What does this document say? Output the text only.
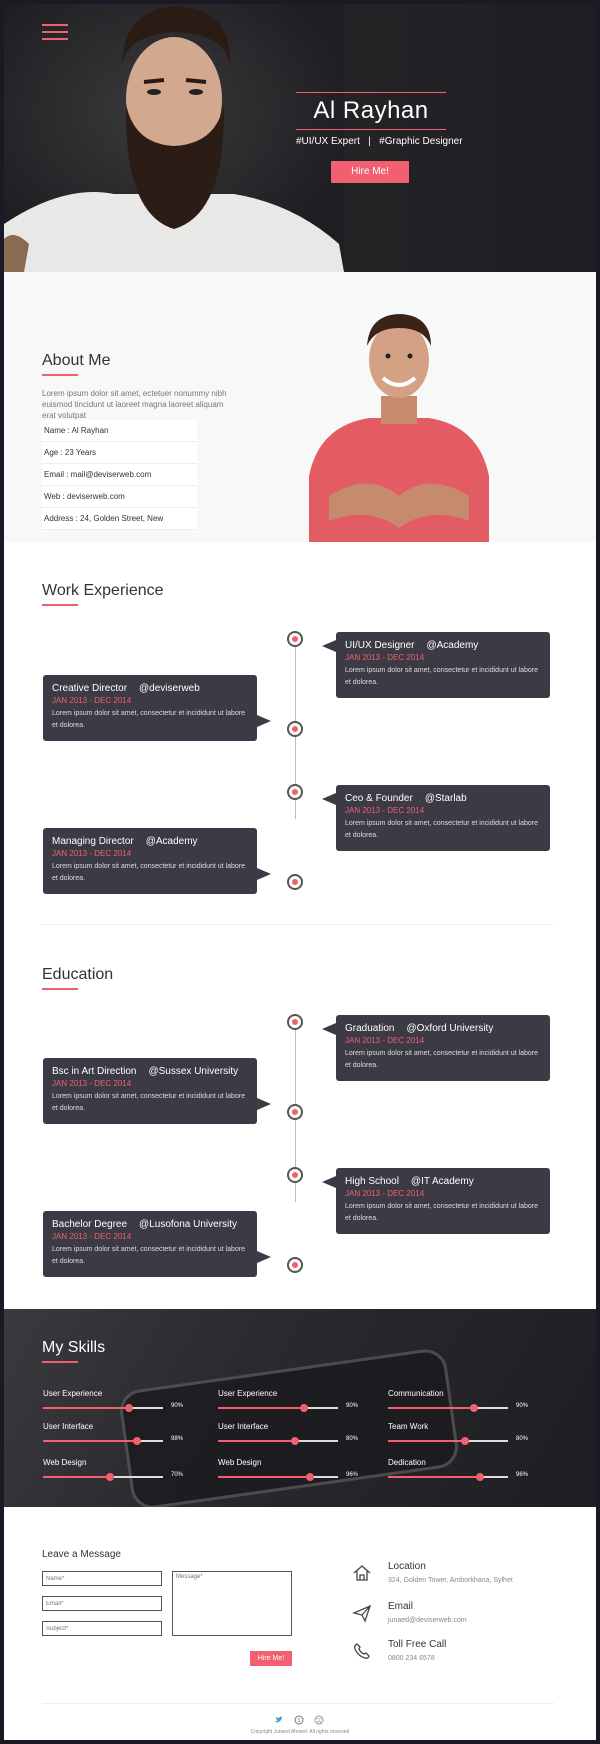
Al Rayhan
#UI/UX Expert   |   #Graphic Designer
Hire Me!
About Me
Lorem ipsum dolor sit amet, ectetuer nonummy nibh euismod tincidunt ut laoreet magna laoreet aliquam erat volutpat
Name : Al Rayhan
Age : 23 Years
Email : mail@deviserweb.com
Web : deviserweb.com
Address : 24, Golden Street, New
Work Experience
UI/UX Designer @Academy
JAN 2013 - DEC 2014
Lorem ipsum dolor sit amet, consectetur et incididunt ut labore et dolorea.
Creative Director @deviserweb
JAN 2013 - DEC 2014
Lorem ipsum dolor sit amet, consectetur et incididunt ut labore et dolorea.
Ceo & Founder @Starlab
JAN 2013 - DEC 2014
Lorem ipsum dolor sit amet, consectetur et incididunt ut labore et dolorea.
Managing Director @Academy
JAN 2013 - DEC 2014
Lorem ipsum dolor sit amet, consectetur et incididunt ut labore et dolorea.
Education
Graduation @Oxford University
JAN 2013 - DEC 2014
Lorem ipsum dolor sit amet, consectetur et incididunt ut labore et dolorea.
Bsc in Art Direction @Sussex University
JAN 2013 - DEC 2014
Lorem ipsum dolor sit amet, consectetur et incididunt ut labore et dolorea.
High School @IT Academy
JAN 2013 - DEC 2014
Lorem ipsum dolor sit amet, consectetur et incididunt ut labore et dolorea.
Bachelor Degree @Lusofona University
JAN 2013 - DEC 2014
Lorem ipsum dolor sit amet, consectetur et incididunt ut labore et dolorea.
My Skills
User Experience
90%
User Experience
90%
Communication
90%
User Interface
98%
User Interface
80%
Team Work
80%
Web Design
70%
Web Design
96%
Dedication
96%
Leave a Message
Name*
Email*
Subject*
Message*
Hire Me!
Location
324, Golden Tower, Amborkhana, Sylhet
Email
junaed@deviserweb.com
Toll Free Call
0800 234 6578
S
Copyright Junaed Ahmed. All rights reserved
